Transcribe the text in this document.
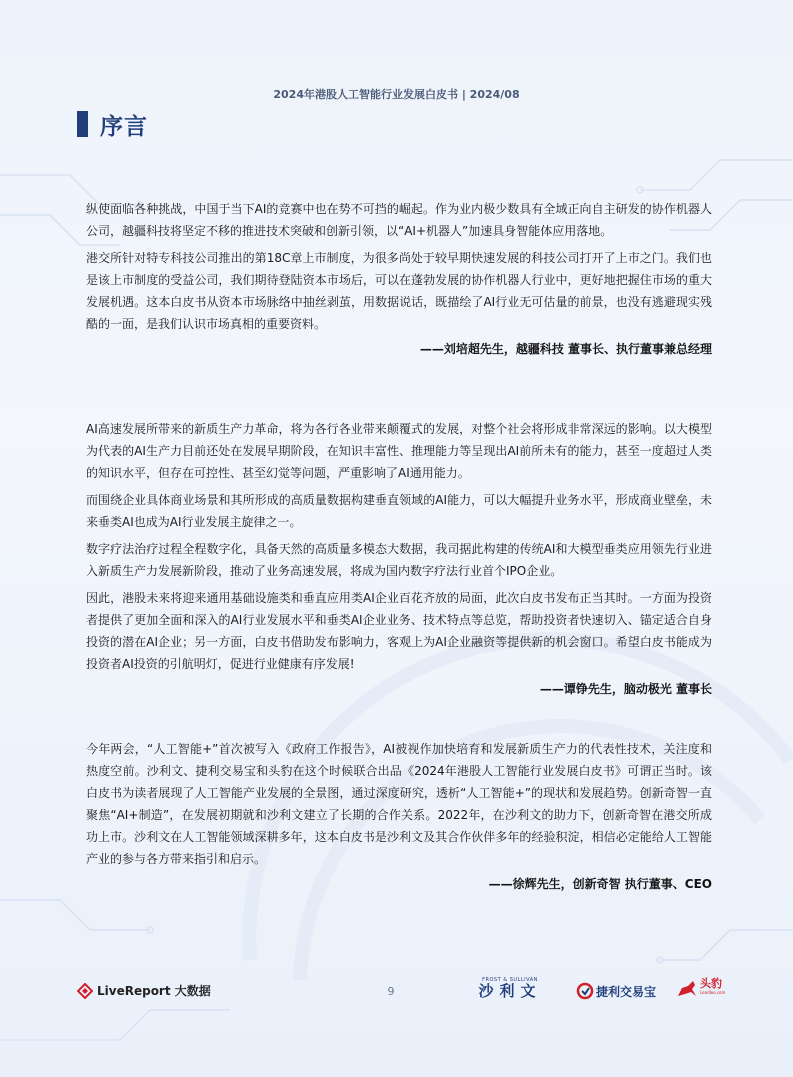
2024年港股人工智能行业发展白皮书 | 2024/08
序言

纵使面临各种挑战，中国于当下AI的竞赛中也在势不可挡的崛起。作为业内极少数具有全域正向自主研发的协作机器人公司，越疆科技将坚定不移的推进技术突破和创新引领，以“AI+机器人”加速具身智能体应用落地。

港交所针对特专科技公司推出的第18C章上市制度，为很多尚处于较早期快速发展的科技公司打开了上市之门。我们也是该上市制度的受益公司，我们期待登陆资本市场后，可以在蓬勃发展的协作机器人行业中，更好地把握住市场的重大发展机遇。这本白皮书从资本市场脉络中抽丝剥茧，用数据说话，既描绘了AI行业无可估量的前景，也没有逃避现实残酷的一面，是我们认识市场真相的重要资料。

——刘培超先生，越疆科技 董事长、执行董事兼总经理

AI高速发展所带来的新质生产力革命，将为各行各业带来颠覆式的发展，对整个社会将形成非常深远的影响。以大模型为代表的AI生产力目前还处在发展早期阶段，在知识丰富性、推理能力等呈现出AI前所未有的能力，甚至一度超过人类的知识水平，但存在可控性、甚至幻觉等问题，严重影响了AI通用能力。

而围绕企业具体商业场景和其所形成的高质量数据构建垂直领域的AI能力，可以大幅提升业务水平，形成商业壁垒，未来垂类AI也成为AI行业发展主旋律之一。

数字疗法治疗过程全程数字化，具备天然的高质量多模态大数据，我司据此构建的传统AI和大模型垂类应用领先行业进入新质生产力发展新阶段，推动了业务高速发展，将成为国内数字疗法行业首个IPO企业。

因此，港股未来将迎来通用基础设施类和垂直应用类AI企业百花齐放的局面，此次白皮书发布正当其时。一方面为投资者提供了更加全面和深入的AI行业发展水平和垂类AI企业业务、技术特点等总览，帮助投资者快速切入、锚定适合自身投资的潜在AI企业；另一方面，白皮书借助发布影响力，客观上为AI企业融资等提供新的机会窗口。希望白皮书能成为投资者AI投资的引航明灯，促进行业健康有序发展!

——谭铮先生，脑动极光 董事长

今年两会，“人工智能+”首次被写入《政府工作报告》，AI被视作加快培育和发展新质生产力的代表性技术，关注度和热度空前。沙利文、捷利交易宝和头豹在这个时候联合出品《2024年港股人工智能行业发展白皮书》可谓正当时。该白皮书为读者展现了人工智能产业发展的全景图，通过深度研究，透析“人工智能+”的现状和发展趋势。创新奇智一直聚焦“AI+制造”，在发展初期就和沙利文建立了长期的合作关系。2022年，在沙利文的助力下，创新奇智在港交所成功上市。沙利文在人工智能领域深耕多年，这本白皮书是沙利文及其合作伙伴多年的经验积淀，相信必定能给人工智能产业的参与各方带来指引和启示。

——徐辉先生，创新奇智 执行董事、CEO
LiveReport 大数据	9
FROST & SULLIVAN
沙利文	捷利交易宝
头豹
Leadleo.com
